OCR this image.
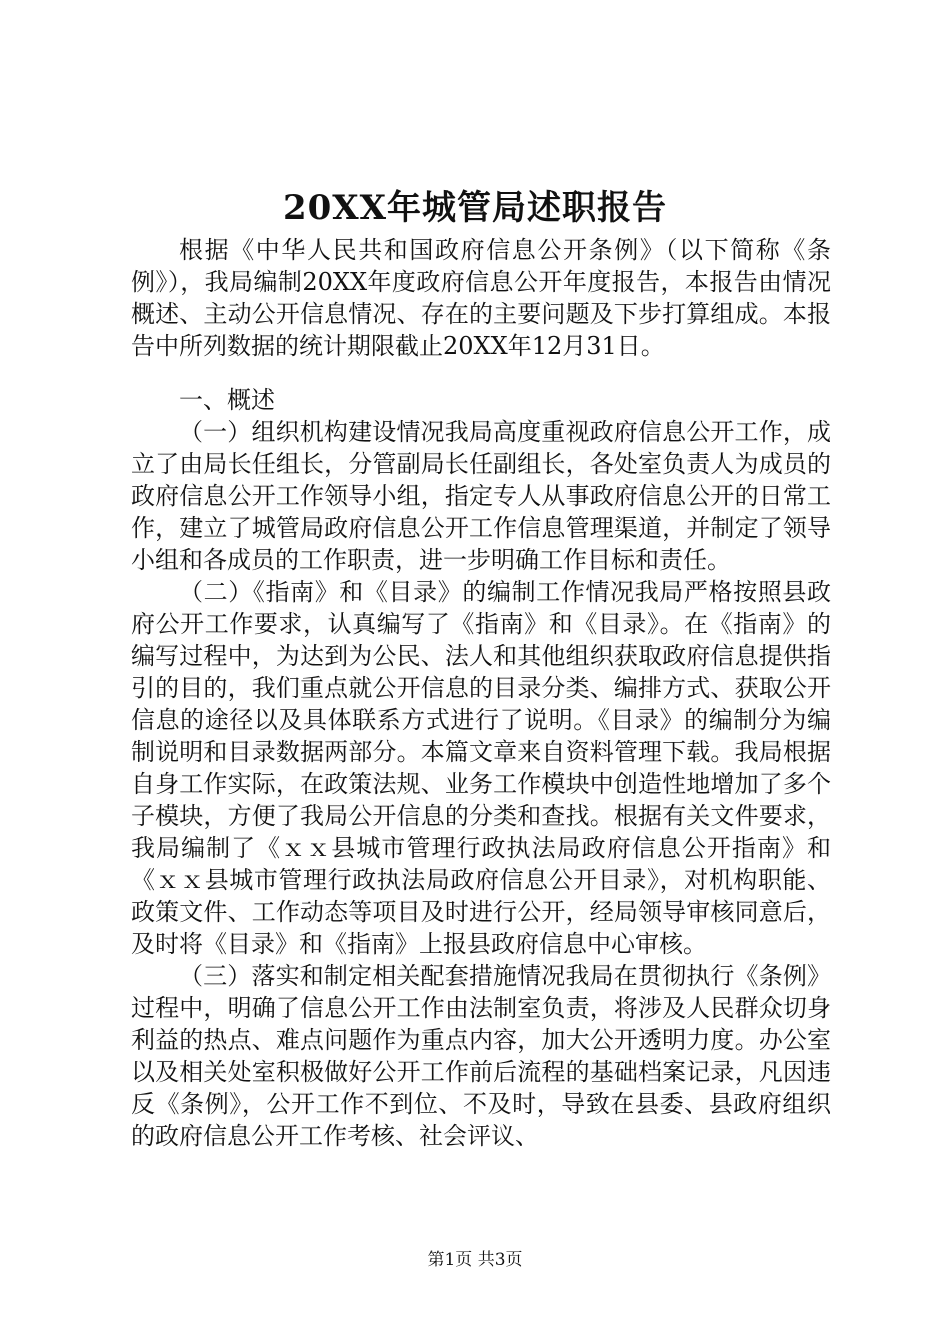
20XX年城管局述职报告

根据《中华人民共和国政府信息公开条例》（以下简称《条例》），我局编制20XX年度政府信息公开年度报告，本报告由情况概述、主动公开信息情况、存在的主要问题及下步打算组成。本报告中所列数据的统计期限截止20XX年12月31日。

一、概述

（一）组织机构建设情况我局高度重视政府信息公开工作，成立了由局长任组长，分管副局长任副组长，各处室负责人为成员的政府信息公开工作领导小组，指定专人从事政府信息公开的日常工作，建立了城管局政府信息公开工作信息管理渠道，并制定了领导小组和各成员的工作职责，进一步明确工作目标和责任。

（二）《指南》和《目录》的编制工作情况我局严格按照县政府公开工作要求，认真编写了《指南》和《目录》。在《指南》的编写过程中，为达到为公民、法人和其他组织获取政府信息提供指引的目的，我们重点就公开信息的目录分类、编排方式、获取公开信息的途径以及具体联系方式进行了说明。《目录》的编制分为编制说明和目录数据两部分。本篇文章来自资料管理下载。我局根据自身工作实际，在政策法规、业务工作模块中创造性地增加了多个子模块，方便了我局公开信息的分类和查找。根据有关文件要求，我局编制了《ｘｘ县城市管理行政执法局政府信息公开指南》和《ｘｘ县城市管理行政执法局政府信息公开目录》，对机构职能、政策文件、工作动态等项目及时进行公开，经局领导审核同意后，及时将《目录》和《指南》上报县政府信息中心审核。

（三）落实和制定相关配套措施情况我局在贯彻执行《条例》过程中，明确了信息公开工作由法制室负责，将涉及人民群众切身利益的热点、难点问题作为重点内容，加大公开透明力度。办公室以及相关处室积极做好公开工作前后流程的基础档案记录，凡因违反《条例》，公开工作不到位、不及时，导致在县委、县政府组织的政府信息公开工作考核、社会评议、

第1页 共3页
